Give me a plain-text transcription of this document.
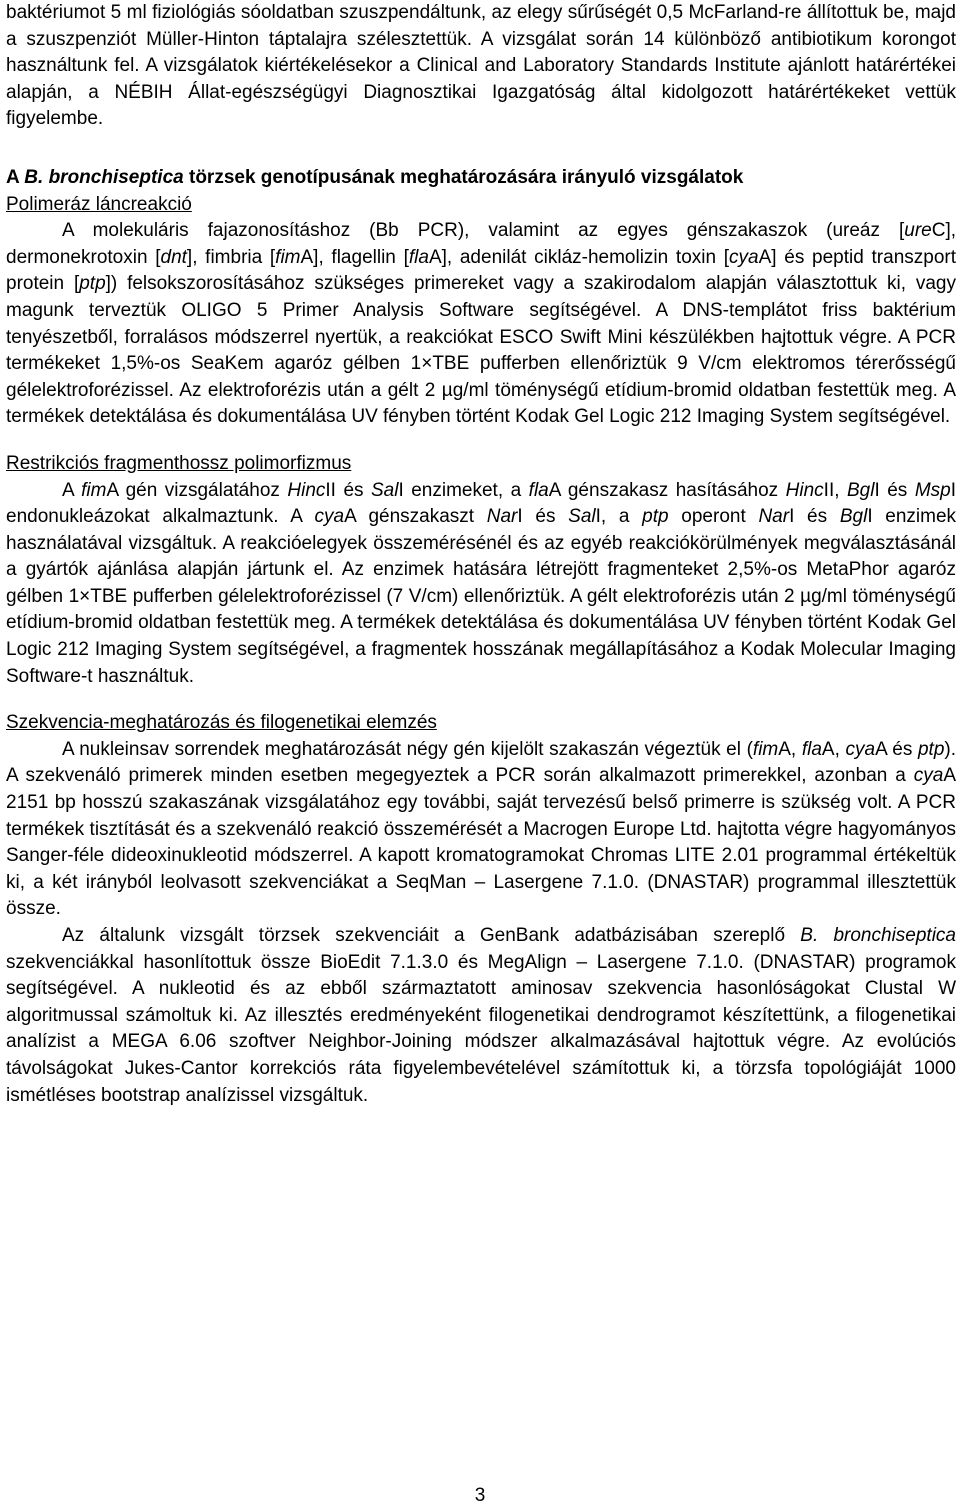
baktériumot 5 ml fiziológiás sóoldatban szuszpendáltunk, az elegy sűrűségét 0,5 McFarland-re állítottuk be, majd a szuszpenziót Müller-Hinton táptalajra szélesztettük. A vizsgálat során 14 különböző antibiotikum korongot használtunk fel. A vizsgálatok kiértékelésekor a Clinical and Laboratory Standards Institute ajánlott határértékei alapján, a NÉBIH Állat-egészségügyi Diagnosztikai Igazgatóság által kidolgozott határértékeket vettük figyelembe.

A B. bronchiseptica törzsek genotípusának meghatározására irányuló vizsgálatok

Polimeráz láncreakció

A molekuláris fajazonosításhoz (Bb PCR), valamint az egyes génszakaszok (ureáz [ureC], dermonekrotoxin [dnt], fimbria [fimA], flagellin [flaA], adenilát cikláz-hemolizin toxin [cyaA] és peptid transzport protein [ptp]) felsokszorosításához szükséges primereket vagy a szakirodalom alapján választottuk ki, vagy magunk terveztük OLIGO 5 Primer Analysis Software segítségével. A DNS-templátot friss baktérium tenyészetből, forralásos módszerrel nyertük, a reakciókat ESCO Swift Mini készülékben hajtottuk végre. A PCR termékeket 1,5%-os SeaKem agaróz gélben 1×TBE pufferben ellenőriztük 9 V/cm elektromos térerősségű gélelektroforézissel. Az elektroforézis után a gélt 2 µg/ml töménységű etídium-bromid oldatban festettük meg. A termékek detektálása és dokumentálása UV fényben történt Kodak Gel Logic 212 Imaging System segítségével.

Restrikciós fragmenthossz polimorfizmus

A fimA gén vizsgálatához HincII és SalI enzimeket, a flaA génszakasz hasításához HincII, BglI és MspI endonukleázokat alkalmaztunk. A cyaA génszakaszt NarI és SalI, a ptp operont NarI és BglI enzimek használatával vizsgáltuk. A reakcióelegyek összemérésénél és az egyéb reakciókörülmények megválasztásánál a gyártók ajánlása alapján jártunk el. Az enzimek hatására létrejött fragmenteket 2,5%-os MetaPhor agaróz gélben 1×TBE pufferben gélelektroforézissel (7 V/cm) ellenőriztük. A gélt elektroforézis után 2 µg/ml töménységű etídium-bromid oldatban festettük meg. A termékek detektálása és dokumentálása UV fényben történt Kodak Gel Logic 212 Imaging System segítségével, a fragmentek hosszának megállapításához a Kodak Molecular Imaging Software-t használtuk.

Szekvencia-meghatározás és filogenetikai elemzés

A nukleinsav sorrendek meghatározását négy gén kijelölt szakaszán végeztük el (fimA, flaA, cyaA és ptp). A szekvenáló primerek minden esetben megegyeztek a PCR során alkalmazott primerekkel, azonban a cyaA 2151 bp hosszú szakaszának vizsgálatához egy további, saját tervezésű belső primerre is szükség volt. A PCR termékek tisztítását és a szekvenáló reakció összemérését a Macrogen Europe Ltd. hajtotta végre hagyományos Sanger-féle dideoxinukleotid módszerrel. A kapott kromatogramokat Chromas LITE 2.01 programmal értékeltük ki, a két irányból leolvasott szekvenciákat a SeqMan – Lasergene 7.1.0. (DNASTAR) programmal illesztettük össze.

Az általunk vizsgált törzsek szekvenciáit a GenBank adatbázisában szereplő B. bronchiseptica szekvenciákkal hasonlítottuk össze BioEdit 7.1.3.0 és MegAlign – Lasergene 7.1.0. (DNASTAR) programok segítségével. A nukleotid és az ebből származtatott aminosav szekvencia hasonlóságokat Clustal W algoritmussal számoltuk ki. Az illesztés eredményeként filogenetikai dendrogramot készítettünk, a filogenetikai analízist a MEGA 6.06 szoftver Neighbor-Joining módszer alkalmazásával hajtottuk végre. Az evolúciós távolságokat Jukes-Cantor korrekciós ráta figyelembevételével számítottuk ki, a törzsfa topológiáját 1000 ismétléses bootstrap analízissel vizsgáltuk.

3
